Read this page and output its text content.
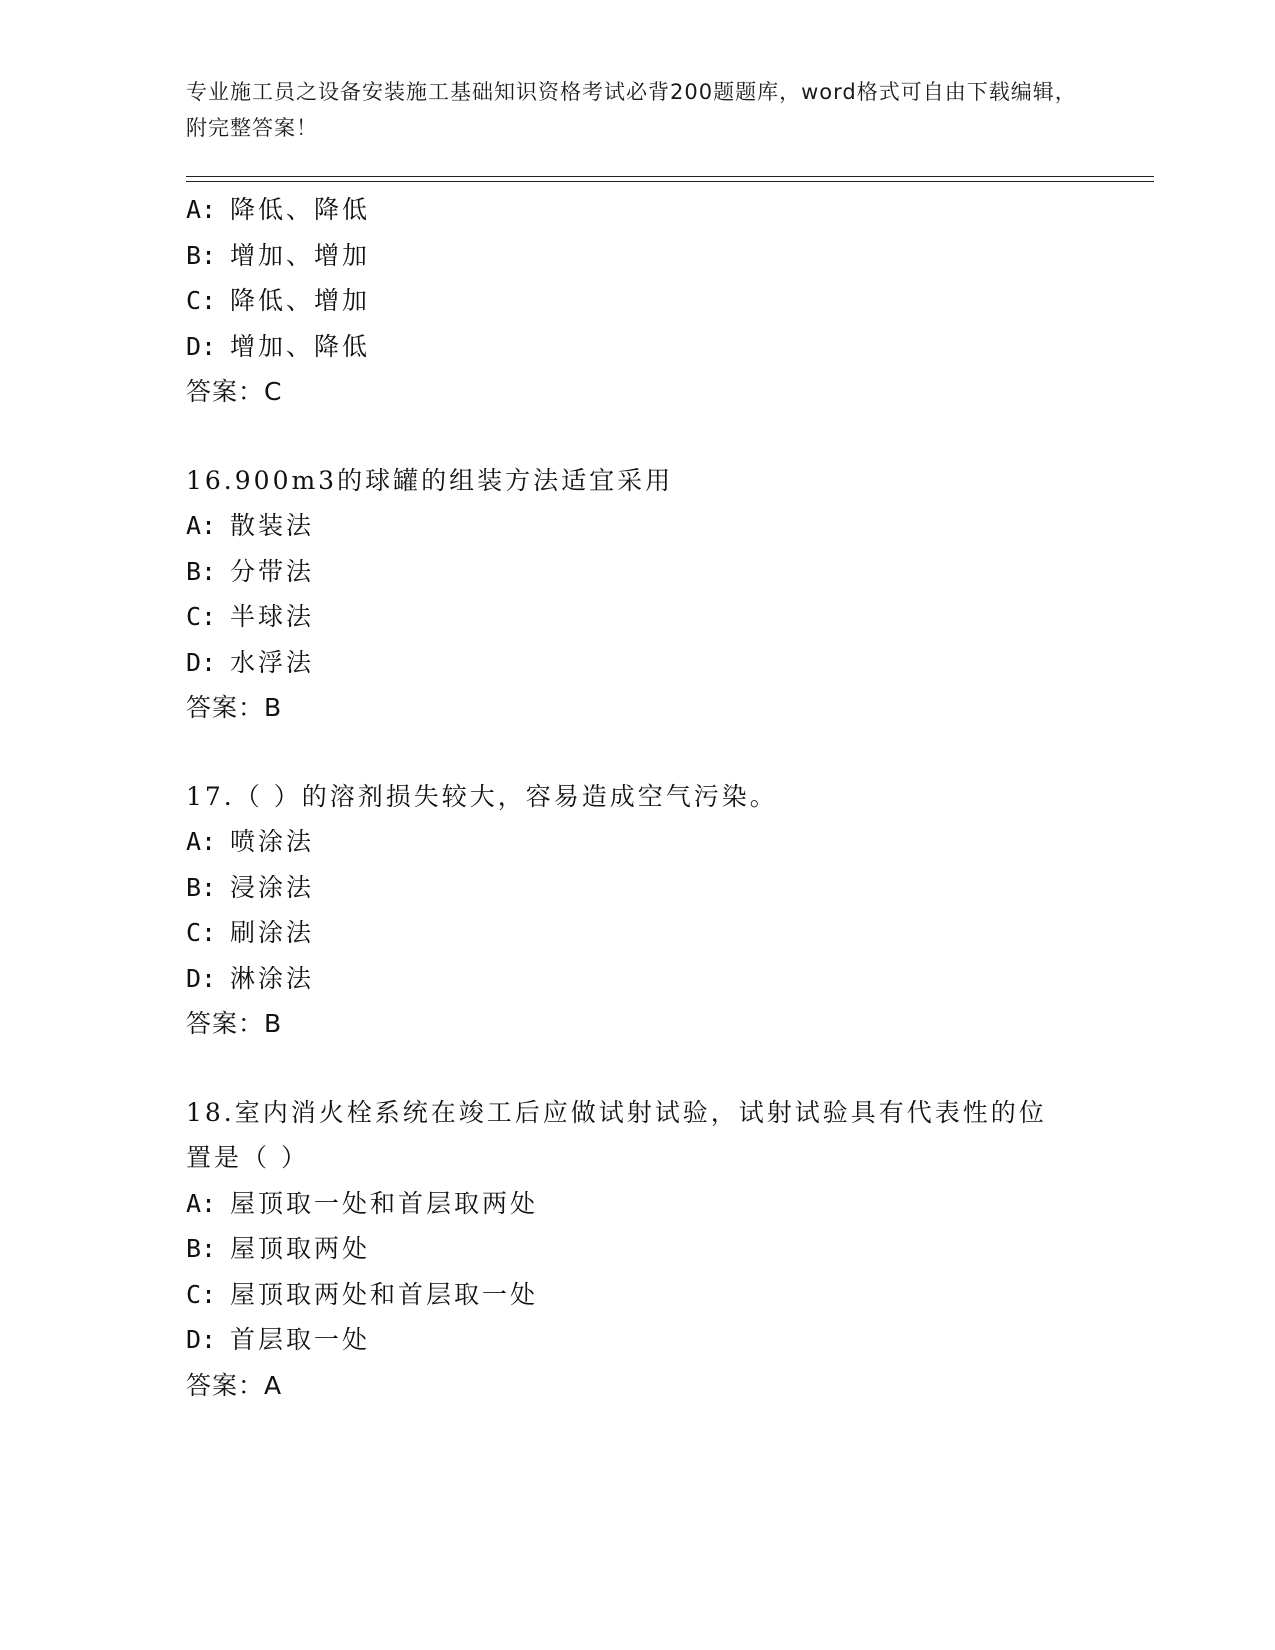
专业施工员之设备安装施工基础知识资格考试必背200题题库，word格式可自由下载编辑，附完整答案！
A: 降低、降低
B: 增加、增加
C: 降低、增加
D: 增加、降低
答案：C
16.900m3的球罐的组装方法适宜采用
A: 散装法
B: 分带法
C: 半球法
D: 水浮法
答案：B
17.（ ）的溶剂损失较大，容易造成空气污染。
A: 喷涂法
B: 浸涂法
C: 刷涂法
D: 淋涂法
答案：B
18.室内消火栓系统在竣工后应做试射试验，试射试验具有代表性的位置是（ ）
A: 屋顶取一处和首层取两处
B: 屋顶取两处
C: 屋顶取两处和首层取一处
D: 首层取一处
答案：A
